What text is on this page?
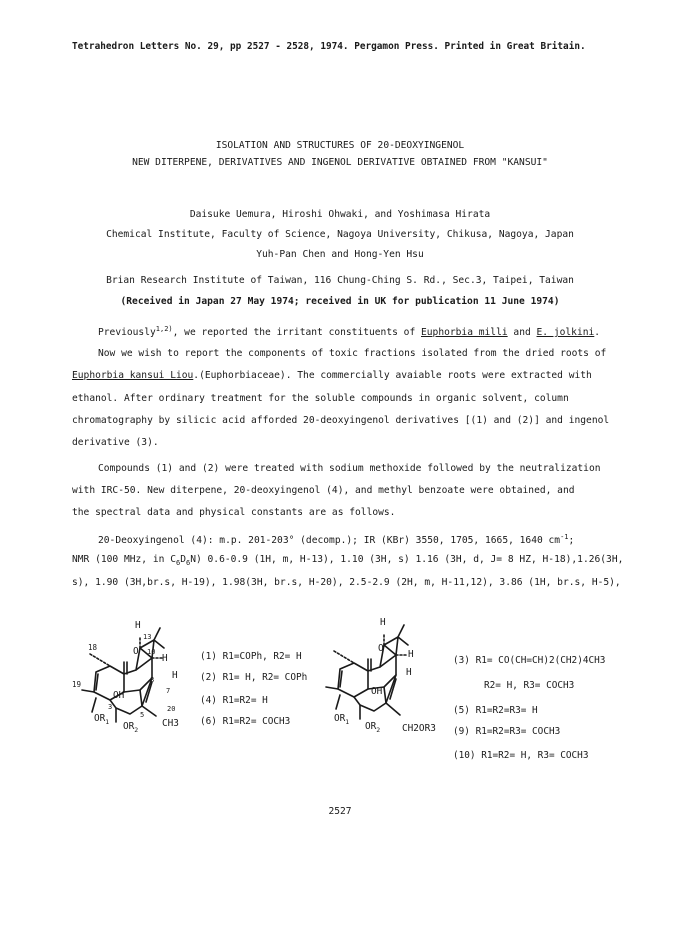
Tetrahedron Letters No. 29, pp 2527 - 2528, 1974. Pergamon Press. Printed in Great Britain.
ISOLATION AND STRUCTURES OF 20-DEOXYINGENOL
NEW DITERPENE, DERIVATIVES AND INGENOL DERIVATIVE OBTAINED FROM "KANSUI"
Daisuke Uemura, Hiroshi Ohwaki, and Yoshimasa Hirata
Chemical Institute, Faculty of Science, Nagoya University, Chikusa, Nagoya, Japan
Yuh-Pan Chen and Hong-Yen Hsu
Brian Research Institute of Taiwan, 116 Chung-Ching S. Rd., Sec.3, Taipei, Taiwan
(Received in Japan 27 May 1974; received in UK for publication 11 June 1974)
Previously$^{1,2)}$, we reported the irritant constituents of Euphorbia milli and E. jolkini.
Now we wish to report the components of toxic fractions isolated from the dried roots of
Euphorbia kansui Liou.(Euphorbiaceae). The commercially avaiable roots were extracted with
ethanol. After ordinary treatment for the soluble compounds in organic solvent, column
chromatography by silicic acid afforded 20-deoxyingenol derivatives [(1) and (2)] and ingenol
derivative (3).
Compounds (1) and (2) were treated with sodium methoxide followed by the neutralization
with IRC-50. New diterpene, 20-deoxyingenol (4), and methyl benzoate were obtained, and
the spectral data and physical constants are as follows.
20-Deoxyingenol (4): m.p. 201-203° (decomp.); IR (KBr) 3550, 1705, 1665, 1640 $cm^{-1}$;
NMR (100 MHz, in $C_6D_6N$) 0.6-0.9 (1H, m, H-13), 1.10 (3H, s) 1.16 (3H, d, J= 8 HZ, H-18),1.26(3H,
s), 1.90 (3H,br.s, H-19), 1.98(3H, br.s, H-20), 2.5-2.9 (2H, m, H-11,12), 3.86 (1H, br.s, H-5),
H
O
H
H
OH
$OR_1$ $OR_2$
CH3
18
19
13
10
8
7
3
5
20
(1) R1=COPh, R2= H
(2) R1= H, R2= COPh
(4) R1=R2= H
(6) R1=R2= COCH3
H
O
H
H
OH
$OR_1$ $OR_2$ CH2OR3
(3) R1= CO(CH=CH)2(CH2)4CH3
R2= H, R3= COCH3
(5) R1=R2=R3= H
(9) R1=R2=R3= COCH3
(10) R1=R2= H, R3= COCH3
2527
